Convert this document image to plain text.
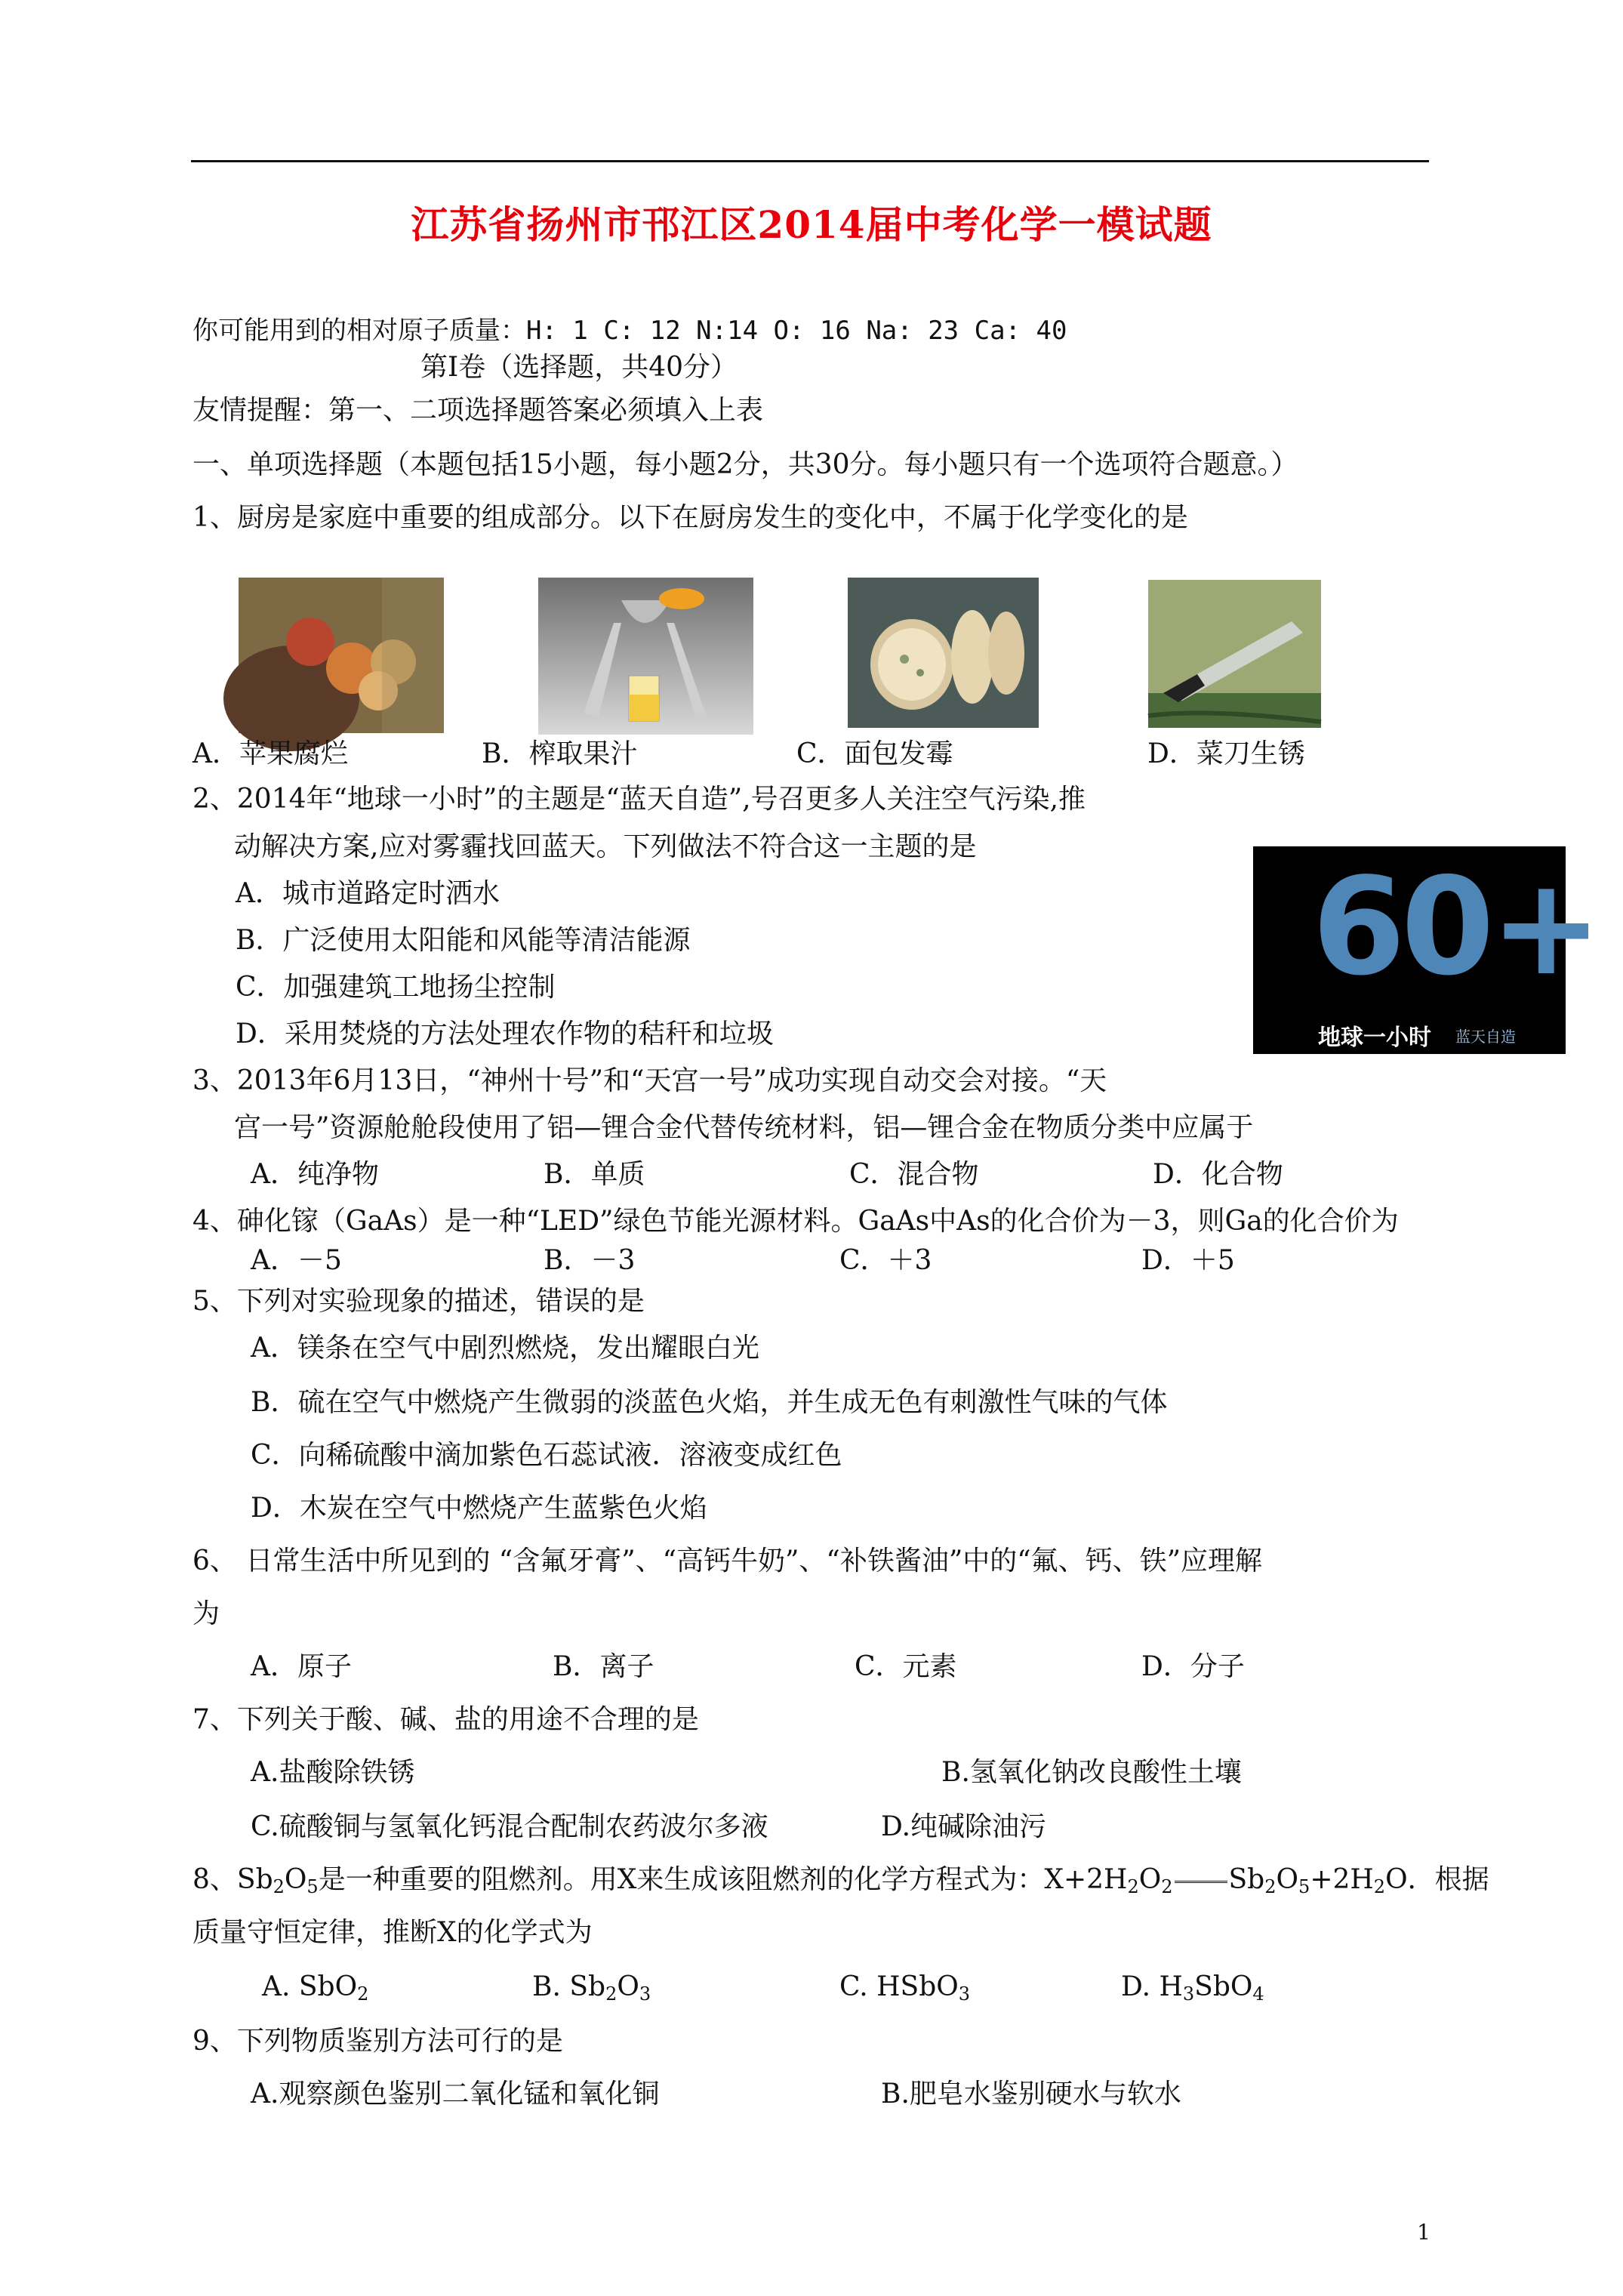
江苏省扬州市邗江区2014届中考化学一模试题
你可能用到的相对原子质量：H: 1 C: 12 N:14 O: 16 Na: 23 Ca: 40
第Ⅰ卷（选择题，共40分）
友情提醒：第一、二项选择题答案必须填入上表
一、单项选择题（本题包括15小题，每小题2分，共30分。每小题只有一个选项符合题意。）
1、厨房是家庭中重要的组成部分。以下在厨房发生的变化中，不属于化学变化的是
A．苹果腐烂	B．榨取果汁	C．面包发霉	D．菜刀生锈
2、2014年“地球一小时”的主题是“蓝天自造”,号召更多人关注空气污染,推
动解决方案,应对雾霾找回蓝天。下列做法不符合这一主题的是
A．城市道路定时洒水
B．广泛使用太阳能和风能等清洁能源
C．加强建筑工地扬尘控制
D．采用焚烧的方法处理农作物的秸秆和垃圾
60+
地球一小时 蓝天自造
3、2013年6月13日，“神州十号”和“天宫一号”成功实现自动交会对接。“天
宫一号”资源舱舱段使用了铝—锂合金代替传统材料，铝—锂合金在物质分类中应属于
A．纯净物	B．单质	C．混合物	D．化合物
4、砷化镓（GaAs）是一种“LED”绿色节能光源材料。GaAs中As的化合价为－3，则Ga的化合价为
A．－5	B．－3	C．＋3	D．＋5
5、下列对实验现象的描述，错误的是
A．镁条在空气中剧烈燃烧，发出耀眼白光
B．硫在空气中燃烧产生微弱的淡蓝色火焰，并生成无色有刺激性气味的气体
C．向稀硫酸中滴加紫色石蕊试液．溶液变成红色
D．木炭在空气中燃烧产生蓝紫色火焰
6、 日常生活中所见到的 “含氟牙膏”、“高钙牛奶”、“补铁酱油”中的“氟、钙、铁”应理解
为
A．原子	B．离子	C．元素	D．分子
7、下列关于酸、碱、盐的用途不合理的是
A.盐酸除铁锈	B.氢氧化钠改良酸性土壤
C.硫酸铜与氢氧化钙混合配制农药波尔多液	D.纯碱除油污
8、$Sb_2O_5$是一种重要的阻燃剂。用X来生成该阻燃剂的化学方程式为：$X+2H_2O_2$ $Sb_2O_5+2H_2O$．根据
质量守恒定律，推断X的化学式为
A. SbO$_2$	B. $Sb_2O_3$	C. HSbO$_3$	D. $H_3SbO_4$
9、下列物质鉴别方法可行的是
A.观察颜色鉴别二氧化锰和氧化铜	B.肥皂水鉴别硬水与软水
1
